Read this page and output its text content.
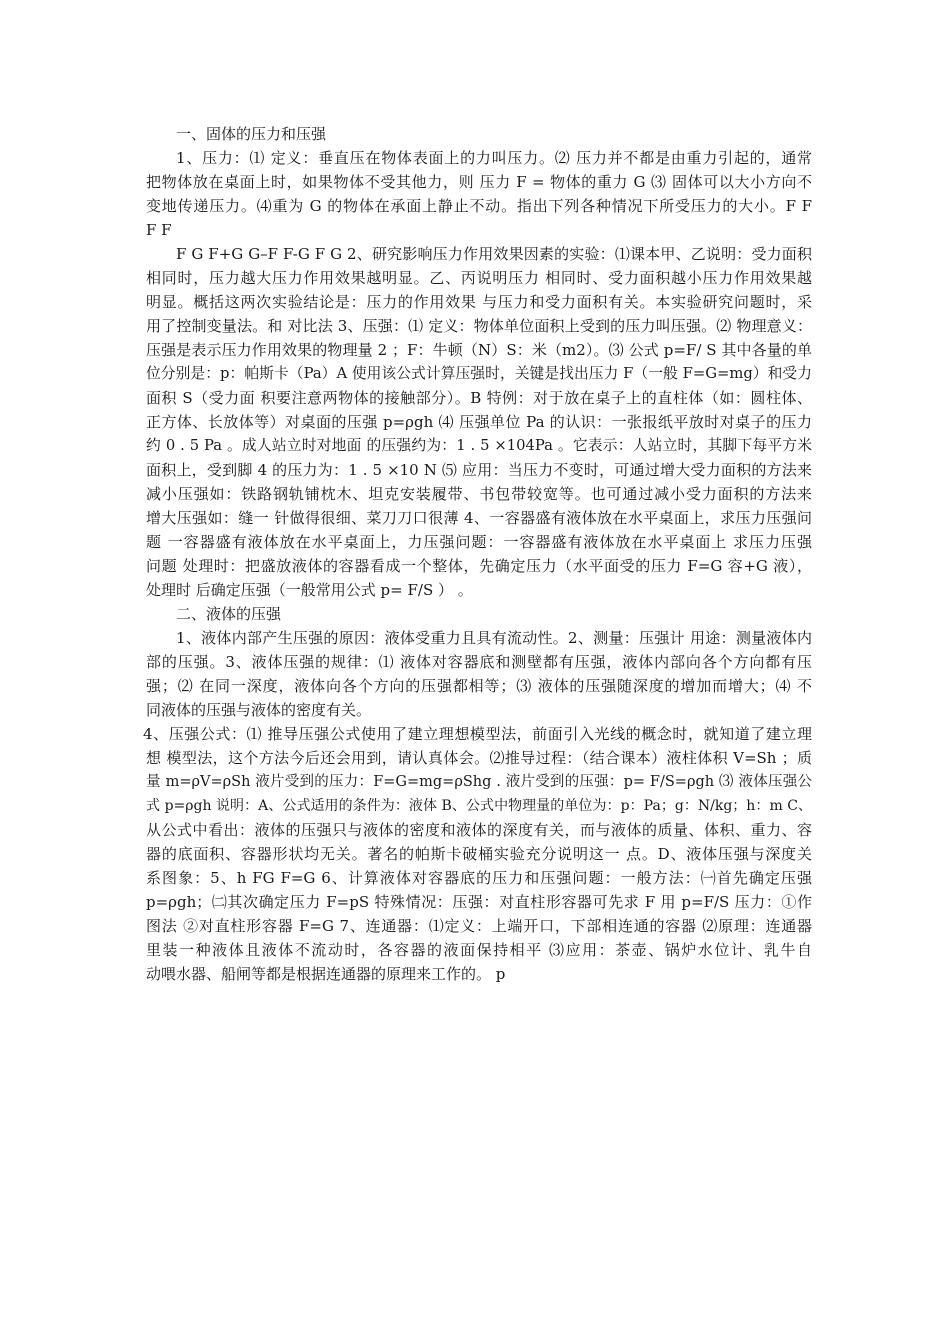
一、固体的压力和压强
1、压力：⑴ 定义：垂直压在物体表面上的力叫压力。⑵ 压力并不都是由重力引起的，通常
把物体放在桌面上时，如果物体不受其他力，则 压力 F = 物体的重力 G ⑶ 固体可以大小方向不
变地传递压力。⑷重为 G 的物体在承面上静止不动。指出下列各种情况下所受压力的大小。F F
F F
F G F+G G–F F-G F G 2、研究影响压力作用效果因素的实验：⑴课本甲、乙说明：受力面积
相同时，压力越大压力作用效果越明显。乙、丙说明压力 相同时、受力面积越小压力作用效果越
明显。概括这两次实验结论是：压力的作用效果 与压力和受力面积有关。本实验研究问题时，采
用了控制变量法。和 对比法 3、压强：⑴ 定义：物体单位面积上受到的压力叫压强。⑵ 物理意义：
压强是表示压力作用效果的物理量 2 ；F：牛顿（N）S：米（m2）。⑶ 公式 p=F/ S 其中各量的单
位分别是：p：帕斯卡（Pa）A 使用该公式计算压强时，关键是找出压力 F（一般 F=G=mg）和受力
面积 S（受力面 积要注意两物体的接触部分）。B 特例：对于放在桌子上的直柱体（如：圆柱体、
正方体、长放体等）对桌面的压强 p=ρgh ⑷ 压强单位 Pa 的认识：一张报纸平放时对桌子的压力
约 0 . 5 Pa 。成人站立时对地面 的压强约为：1 . 5 ×104Pa 。它表示：人站立时，其脚下每平方米
面积上，受到脚 4 的压力为：1 . 5 ×10 N ⑸ 应用：当压力不变时，可通过增大受力面积的方法来
减小压强如：铁路钢轨铺枕木、坦克安装履带、书包带较宽等。也可通过减小受力面积的方法来
增大压强如：缝一 针做得很细、菜刀刀口很薄 4、一容器盛有液体放在水平桌面上，求压力压强问
题 一容器盛有液体放在水平桌面上，力压强问题：一容器盛有液体放在水平桌面上 求压力压强
问题 处理时：把盛放液体的容器看成一个整体，先确定压力（水平面受的压力 F=G 容+G 液），
处理时 后确定压强（一般常用公式 p= F/S ） 。
二、液体的压强
1、液体内部产生压强的原因：液体受重力且具有流动性。2、测量：压强计 用途：测量液体内
部的压强。3、液体压强的规律：⑴ 液体对容器底和测壁都有压强，液体内部向各个方向都有压
强；⑵ 在同一深度，液体向各个方向的压强都相等；⑶ 液体的压强随深度的增加而增大；⑷ 不
同液体的压强与液体的密度有关。
4、压强公式：⑴ 推导压强公式使用了建立理想模型法，前面引入光线的概念时，就知道了建立理
想 模型法，这个方法今后还会用到，请认真体会。⑵推导过程：（结合课本）液柱体积 V=Sh ；质
量 m=ρV=ρSh 液片受到的压力：F=G=mg=ρShg . 液片受到的压强：p= F/S=ρgh ⑶ 液体压强公
式 p=ρgh 说明：A、公式适用的条件为：液体 B、公式中物理量的单位为：p：Pa；g：N/kg；h：m C、
从公式中看出：液体的压强只与液体的密度和液体的深度有关，而与液体的质量、体积、重力、容
器的底面积、容器形状均无关。著名的帕斯卡破桶实验充分说明这一 点。D、液体压强与深度关
系图象：5、h FG F=G 6、计算液体对容器底的压力和压强问题：一般方法：㈠首先确定压强
p=ρgh；㈡其次确定压力 F=pS 特殊情况：压强：对直柱形容器可先求 F 用 p=F/S 压力：①作
图法 ②对直柱形容器 F=G 7、连通器：⑴定义：上端开口，下部相连通的容器 ⑵原理：连通器
里装一种液体且液体不流动时，各容器的液面保持相平 ⑶应用：茶壶、锅炉水位计、乳牛自
动喂水器、船闸等都是根据连通器的原理来工作的。 p
